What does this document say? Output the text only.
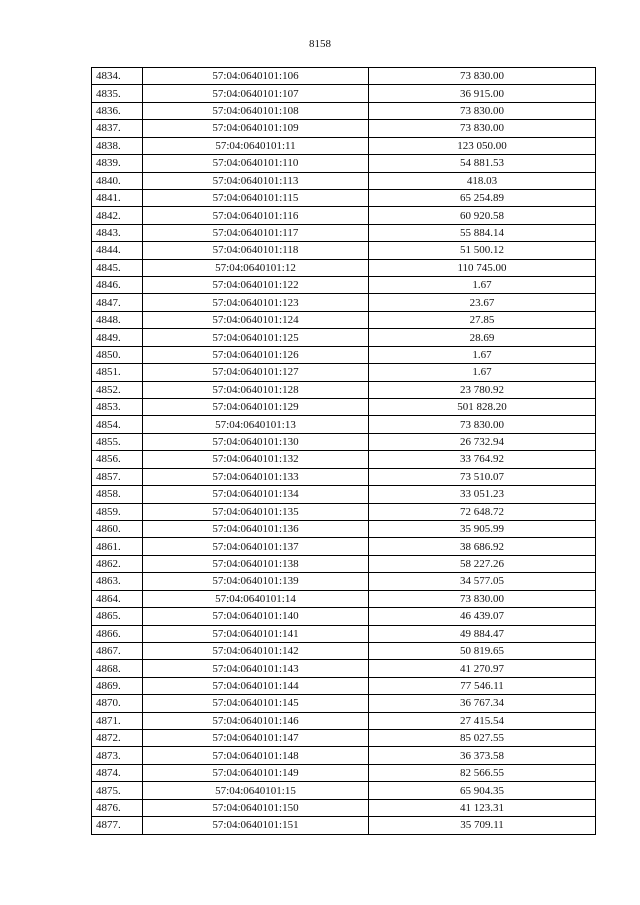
8158
4834.	57:04:0640101:106	73 830.00
4835.	57:04:0640101:107	36 915.00
4836.	57:04:0640101:108	73 830.00
4837.	57:04:0640101:109	73 830.00
4838.	57:04:0640101:11	123 050.00
4839.	57:04:0640101:110	54 881.53
4840.	57:04:0640101:113	418.03
4841.	57:04:0640101:115	65 254.89
4842.	57:04:0640101:116	60 920.58
4843.	57:04:0640101:117	55 884.14
4844.	57:04:0640101:118	51 500.12
4845.	57:04:0640101:12	110 745.00
4846.	57:04:0640101:122	1.67
4847.	57:04:0640101:123	23.67
4848.	57:04:0640101:124	27.85
4849.	57:04:0640101:125	28.69
4850.	57:04:0640101:126	1.67
4851.	57:04:0640101:127	1.67
4852.	57:04:0640101:128	23 780.92
4853.	57:04:0640101:129	501 828.20
4854.	57:04:0640101:13	73 830.00
4855.	57:04:0640101:130	26 732.94
4856.	57:04:0640101:132	33 764.92
4857.	57:04:0640101:133	73 510.07
4858.	57:04:0640101:134	33 051.23
4859.	57:04:0640101:135	72 648.72
4860.	57:04:0640101:136	35 905.99
4861.	57:04:0640101:137	38 686.92
4862.	57:04:0640101:138	58 227.26
4863.	57:04:0640101:139	34 577.05
4864.	57:04:0640101:14	73 830.00
4865.	57:04:0640101:140	46 439.07
4866.	57:04:0640101:141	49 884.47
4867.	57:04:0640101:142	50 819.65
4868.	57:04:0640101:143	41 270.97
4869.	57:04:0640101:144	77 546.11
4870.	57:04:0640101:145	36 767.34
4871.	57:04:0640101:146	27 415.54
4872.	57:04:0640101:147	85 027.55
4873.	57:04:0640101:148	36 373.58
4874.	57:04:0640101:149	82 566.55
4875.	57:04:0640101:15	65 904.35
4876.	57:04:0640101:150	41 123.31
4877.	57:04:0640101:151	35 709.11
